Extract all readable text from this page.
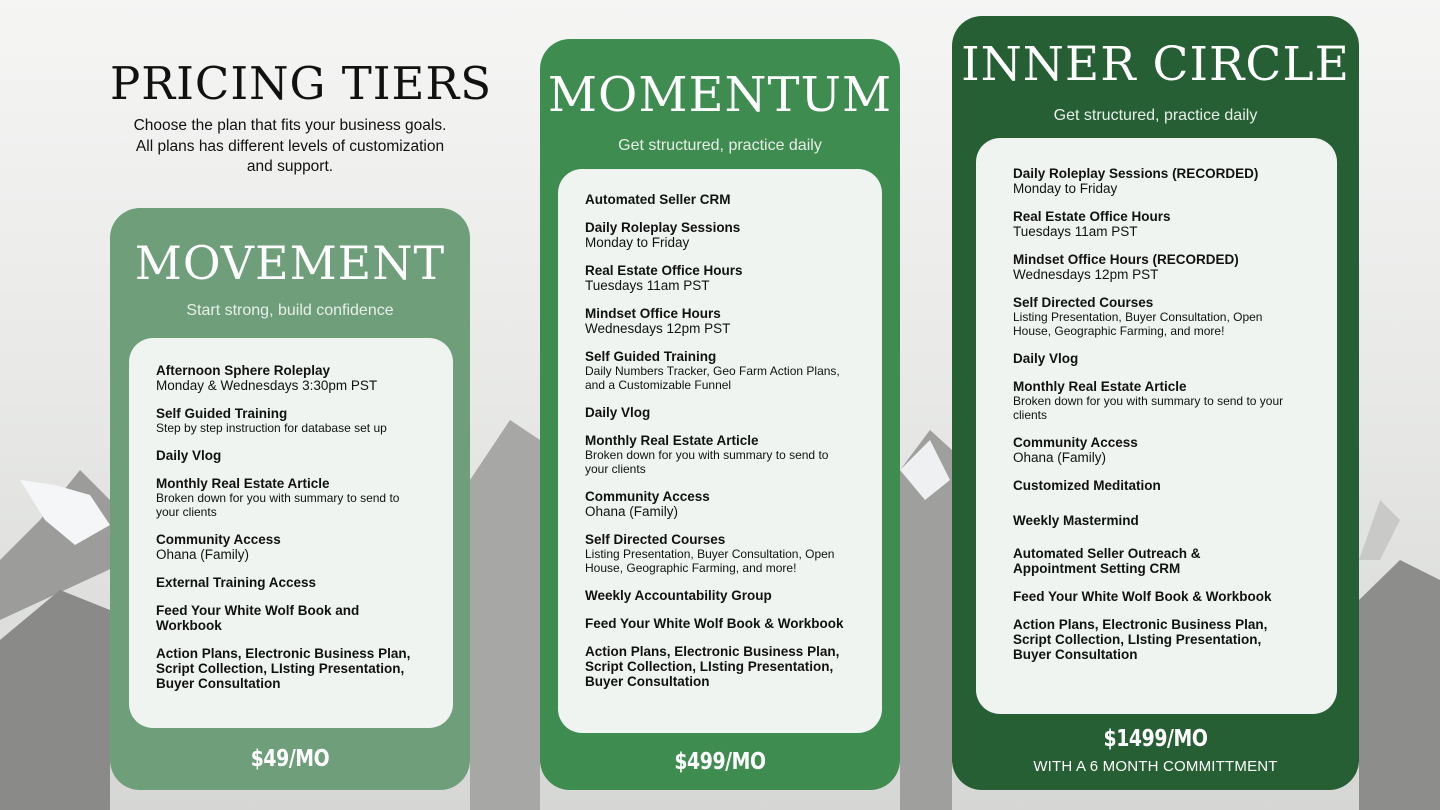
PRICING TIERS

Choose the plan that fits your business goals.
All plans has different levels of customization
and support.

MOVEMENT
Start strong, build confidence
Afternoon Sphere Roleplay
Monday & Wednesdays 3:30pm PST
Self Guided Training
Step by step instruction for database set up
Daily Vlog
Monthly Real Estate Article
Broken down for you with summary to send to your clients
Community Access
Ohana (Family)
External Training Access
Feed Your White Wolf Book and Workbook
Action Plans, Electronic Business Plan, Script Collection, LIsting Presentation, Buyer Consultation
$49/MO
MOMENTUM
Get structured, practice daily
Automated Seller CRM
Daily Roleplay Sessions
Monday to Friday
Real Estate Office Hours
Tuesdays 11am PST
Mindset Office Hours
Wednesdays 12pm PST
Self Guided Training
Daily Numbers Tracker, Geo Farm Action Plans, and a Customizable Funnel
Daily Vlog
Monthly Real Estate Article
Broken down for you with summary to send to your clients
Community Access
Ohana (Family)
Self Directed Courses
Listing Presentation, Buyer Consultation, Open House, Geographic Farming, and more!
Weekly Accountability Group
Feed Your White Wolf Book & Workbook
Action Plans, Electronic Business Plan, Script Collection, LIsting Presentation, Buyer Consultation
$499/MO
INNER CIRCLE
Get structured, practice daily
Daily Roleplay Sessions (RECORDED)
Monday to Friday
Real Estate Office Hours
Tuesdays 11am PST
Mindset Office Hours (RECORDED)
Wednesdays 12pm PST
Self Directed Courses
Listing Presentation, Buyer Consultation, Open House, Geographic Farming, and more!
Daily Vlog
Monthly Real Estate Article
Broken down for you with summary to send to your clients
Community Access
Ohana (Family)
Customized Meditation
Weekly Mastermind
Automated Seller Outreach & Appointment Setting CRM
Feed Your White Wolf Book & Workbook
Action Plans, Electronic Business Plan, Script Collection, LIsting Presentation, Buyer Consultation
$1499/MO
WITH A 6 MONTH COMMITTMENT
